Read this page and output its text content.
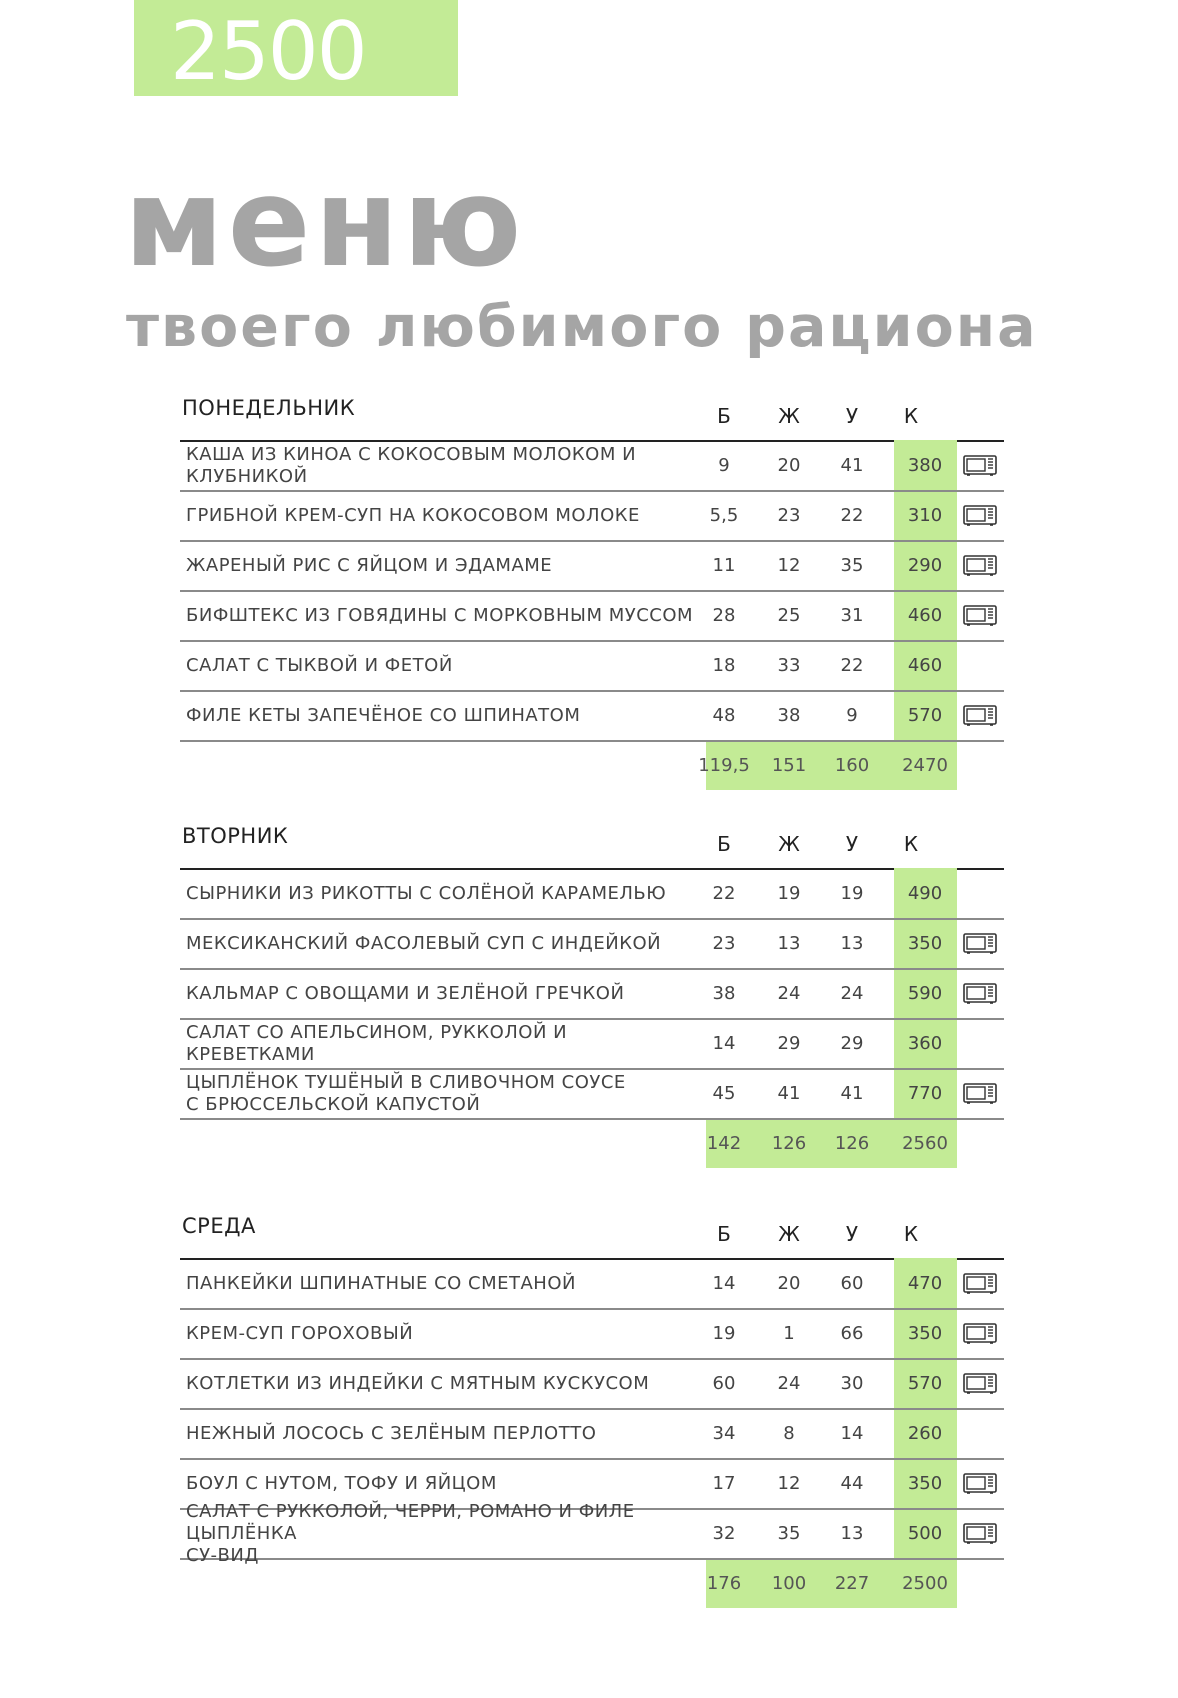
2500
меню
твоего любимого рациона
ПОНЕДЕЛЬНИК	Б	Ж	У	К
КАША ИЗ КИНОА С КОКОСОВЫМ МОЛОКОМ И КЛУБНИКОЙ
9	20	41	380
ГРИБНОЙ КРЕМ-СУП НА КОКОСОВОМ МОЛОКЕ	5,5	23	22	310
ЖАРЕНЫЙ РИС С ЯЙЦОМ И ЭДАМАМЕ	11	12	35	290
БИФШТЕКС ИЗ ГОВЯДИНЫ С МОРКОВНЫМ МУССОМ	28	25	31	460
САЛАТ С ТЫКВОЙ И ФЕТОЙ	18	33	22	460
ФИЛЕ КЕТЫ ЗАПЕЧЁНОЕ СО ШПИНАТОМ	48	38	9	570
119,5	151	160	2470
ВТОРНИК	Б	Ж	У	К
СЫРНИКИ ИЗ РИКОТТЫ С СОЛЁНОЙ КАРАМЕЛЬЮ	22	19	19	490
МЕКСИКАНСКИЙ ФАСОЛЕВЫЙ СУП С ИНДЕЙКОЙ	23	13	13	350
КАЛЬМАР С ОВОЩАМИ И ЗЕЛЁНОЙ ГРЕЧКОЙ	38	24	24	590
САЛАТ СО АПЕЛЬСИНОМ, РУККОЛОЙ И КРЕВЕТКАМИ
14	29	29	360
ЦЫПЛЁНОК ТУШЁНЫЙ В СЛИВОЧНОМ СОУСЕ
С БРЮССЕЛЬСКОЙ КАПУСТОЙ
45	41	41	770
142	126	126	2560
СРЕДА	Б	Ж	У	К
ПАНКЕЙКИ ШПИНАТНЫЕ СО СМЕТАНОЙ	14	20	60	470
КРЕМ-СУП ГОРОХОВЫЙ	19	1	66	350
КОТЛЕТКИ ИЗ ИНДЕЙКИ С МЯТНЫМ КУСКУСОМ	60	24	30	570
НЕЖНЫЙ ЛОСОСЬ С ЗЕЛЁНЫМ ПЕРЛОТТО	34	8	14	260
БОУЛ С НУТОМ, ТОФУ И ЯЙЦОМ	17	12	44	350
САЛАТ С РУККОЛОЙ, ЧЕРРИ, РОМАНО И ФИЛЕ ЦЫПЛЁНКА
СУ-ВИД
32	35	13	500
176	100	227	2500
